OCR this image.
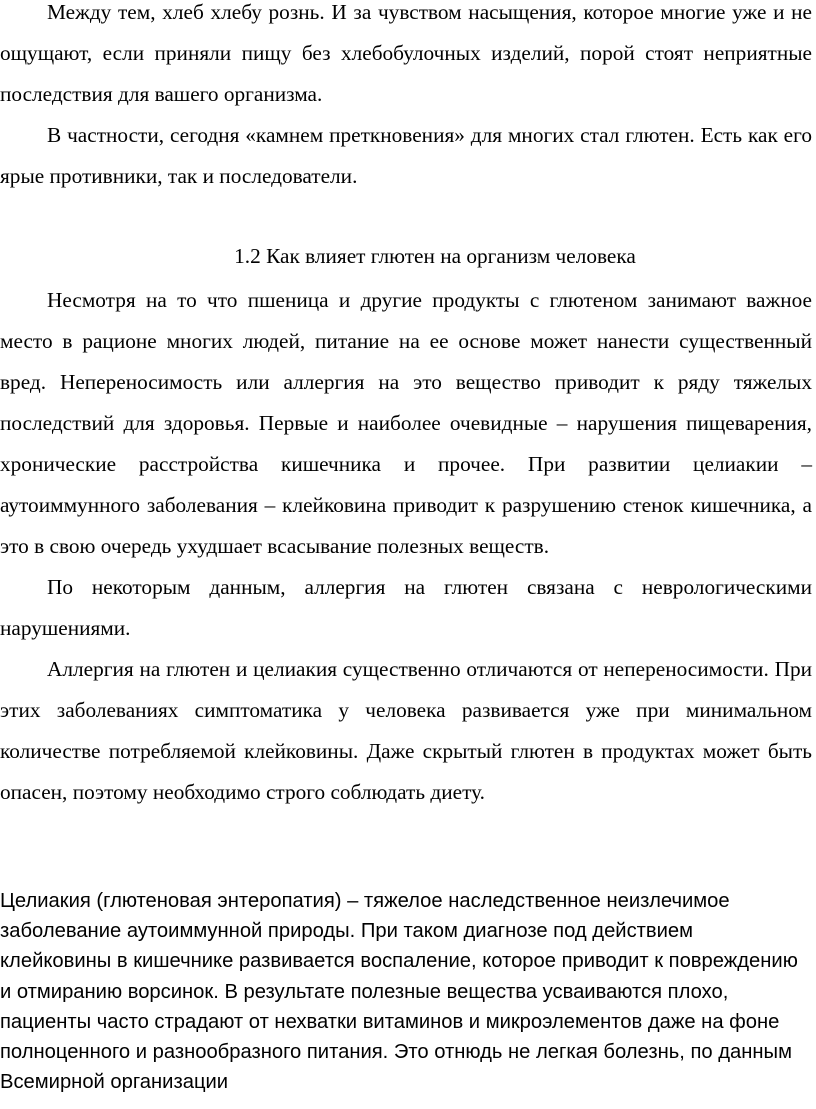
Между тем, хлеб хлебу рознь. И за чувством насыщения, которое многие уже и не ощущают, если приняли пищу без хлебобулочных изделий, порой стоят неприятные последствия для вашего организма.

В частности, сегодня «камнем преткновения» для многих стал глютен. Есть как его ярые противники, так и последователи.

1.2 Как влияет глютен на организм человека

Несмотря на то что пшеница и другие продукты с глютеном занимают важное место в рационе многих людей, питание на ее основе может нанести существенный вред. Непереносимость или аллергия на это вещество приводит к ряду тяжелых последствий для здоровья. Первые и наиболее очевидные – нарушения пищеварения, хронические расстройства кишечника и прочее. При развитии целиакии – аутоиммунного заболевания – клейковина приводит к разрушению стенок кишечника, а это в свою очередь ухудшает всасывание полезных веществ.

По некоторым данным, аллергия на глютен связана с неврологическими нарушениями.

Аллергия на глютен и целиакия существенно отличаются от непереносимости. При этих заболеваниях симптоматика у человека развивается уже при минимальном количестве потребляемой клейковины. Даже скрытый глютен в продуктах может быть опасен, поэтому необходимо строго соблюдать диету.

Целиакия (глютеновая энтеропатия) – тяжелое наследственное неизлечимое заболевание аутоиммунной природы. При таком диагнозе под действием клейковины в кишечнике развивается воспаление, которое приводит к повреждению и отмиранию ворсинок. В результате полезные вещества усваиваются плохо, пациенты часто страдают от нехватки витаминов и микроэлементов даже на фоне полноценного и разнообразного питания. Это отнюдь не легкая болезнь, по данным Всемирной организации
